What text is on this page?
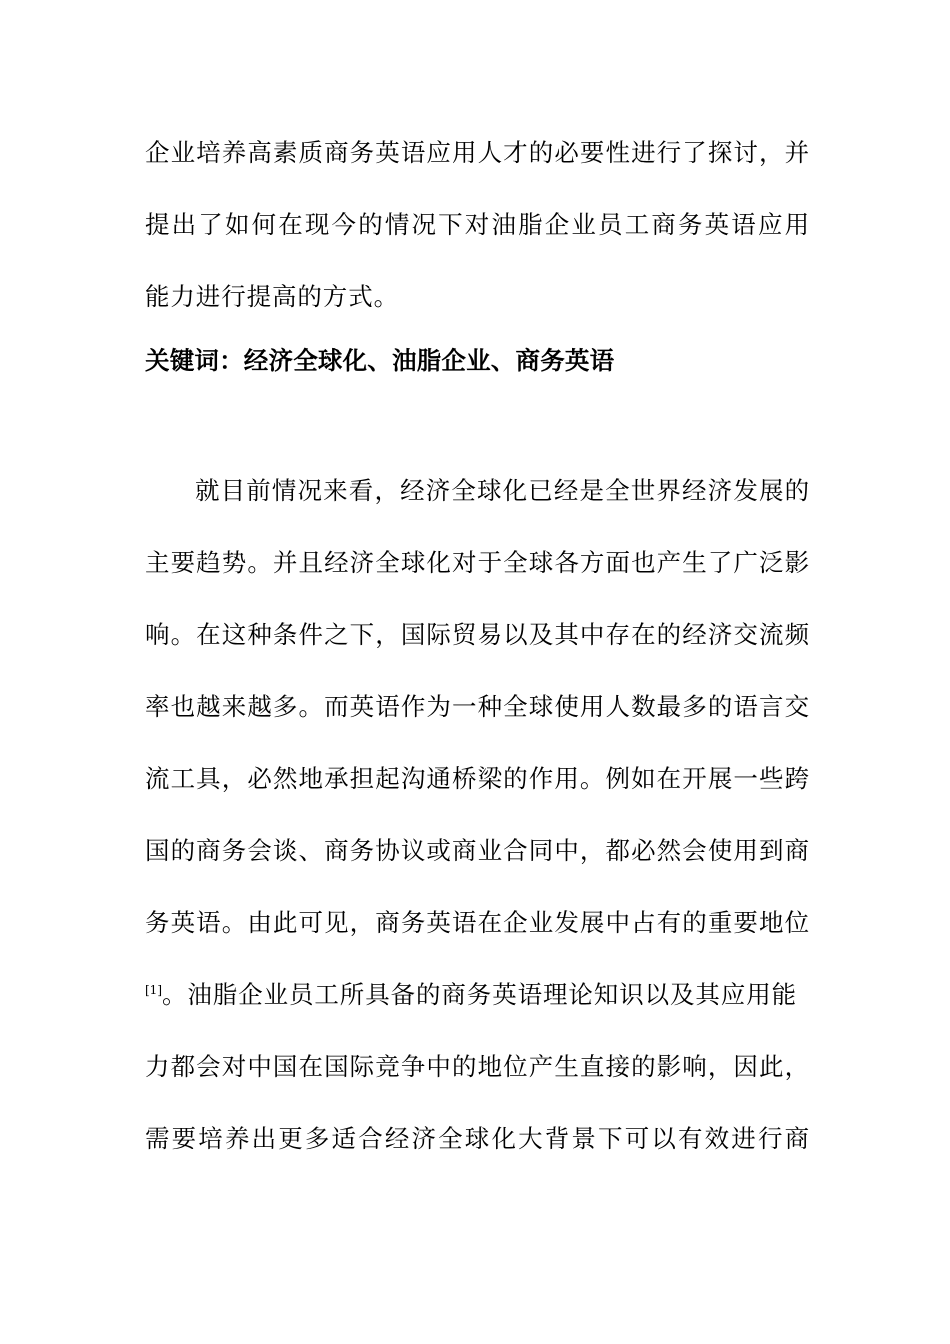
企业培养高素质商务英语应用人才的必要性进行了探讨，并
提出了如何在现今的情况下对油脂企业员工商务英语应用
能力进行提高的方式。
关键词：经济全球化、油脂企业、商务英语
就目前情况来看，经济全球化已经是全世界经济发展的
主要趋势。并且经济全球化对于全球各方面也产生了广泛影
响。在这种条件之下，国际贸易以及其中存在的经济交流频
率也越来越多。而英语作为一种全球使用人数最多的语言交
流工具，必然地承担起沟通桥梁的作用。例如在开展一些跨
国的商务会谈、商务协议或商业合同中，都必然会使用到商
务英语。由此可见，商务英语在企业发展中占有的重要地位
[1]。油脂企业员工所具备的商务英语理论知识以及其应用能
力都会对中国在国际竞争中的地位产生直接的影响，因此，
需要培养出更多适合经济全球化大背景下可以有效进行商
